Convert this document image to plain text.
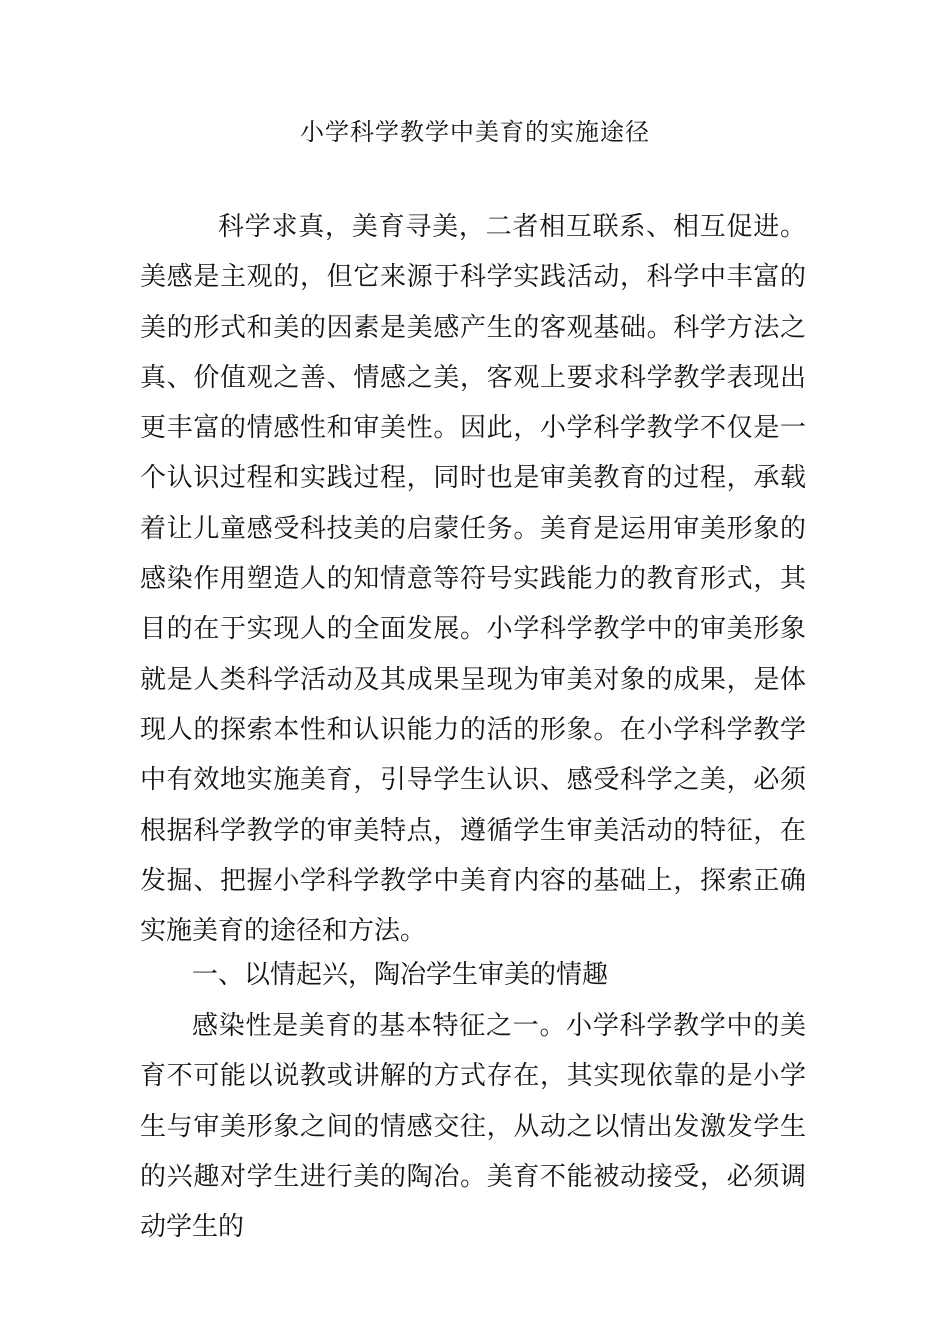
小学科学教学中美育的实施途径

科学求真，美育寻美，二者相互联系、相互促进。美感是主观的，但它来源于科学实践活动，科学中丰富的美的形式和美的因素是美感产生的客观基础。科学方法之真、价值观之善、情感之美，客观上要求科学教学表现出更丰富的情感性和审美性。因此，小学科学教学不仅是一个认识过程和实践过程，同时也是审美教育的过程，承载着让儿童感受科技美的启蒙任务。美育是运用审美形象的感染作用塑造人的知情意等符号实践能力的教育形式，其目的在于实现人的全面发展。小学科学教学中的审美形象就是人类科学活动及其成果呈现为审美对象的成果，是体现人的探索本性和认识能力的活的形象。在小学科学教学中有效地实施美育，引导学生认识、感受科学之美，必须根据科学教学的审美特点，遵循学生审美活动的特征，在发掘、把握小学科学教学中美育内容的基础上，探索正确实施美育的途径和方法。

一、以情起兴，陶冶学生审美的情趣

感染性是美育的基本特征之一。小学科学教学中的美育不可能以说教或讲解的方式存在，其实现依靠的是小学生与审美形象之间的情感交往，从动之以情出发激发学生的兴趣对学生进行美的陶冶。美育不能被动接受，必须调动学生的
